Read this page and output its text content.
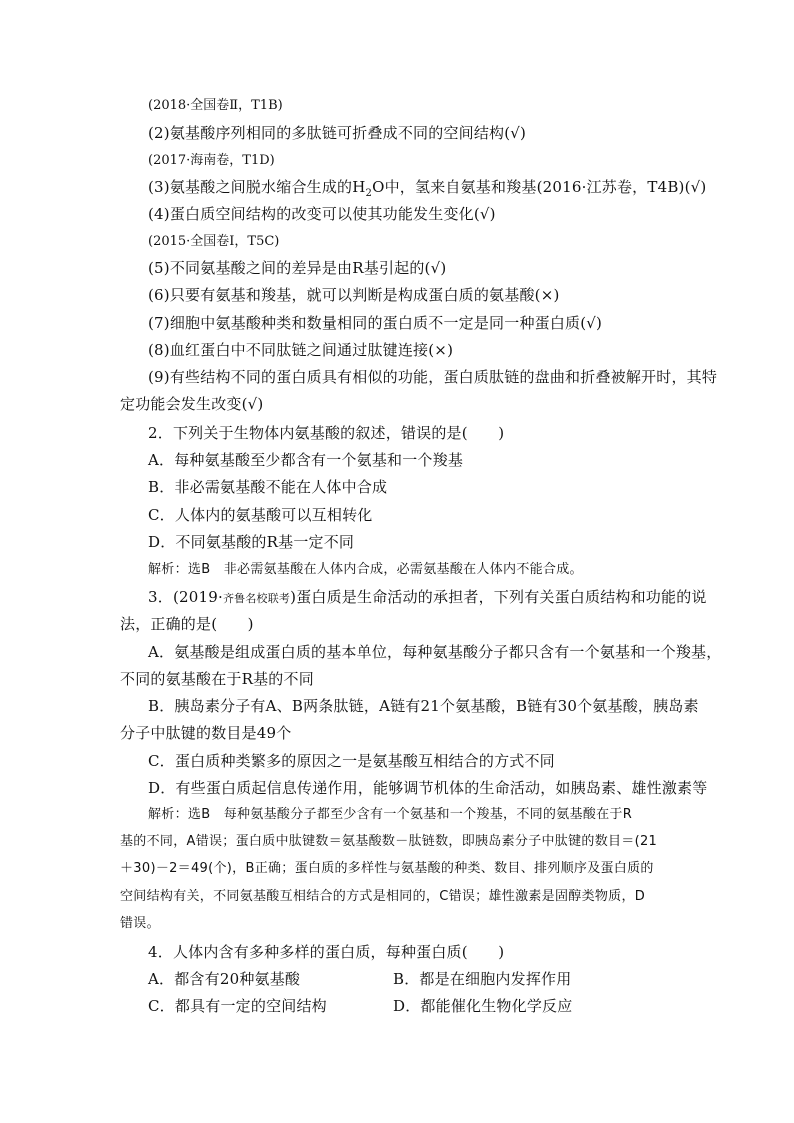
(2018·全国卷Ⅱ，T1B)
(2)氨基酸序列相同的多肽链可折叠成不同的空间结构(√)
(2017·海南卷，T1D)
(3)氨基酸之间脱水缩合生成的$H_2O$中，氢来自氨基和羧基(2016·江苏卷，T4B)(√)
(4)蛋白质空间结构的改变可以使其功能发生变化(√)
(2015·全国卷Ⅰ，T5C)
(5)不同氨基酸之间的差异是由R基引起的(√)
(6)只要有氨基和羧基，就可以判断是构成蛋白质的氨基酸(×)
(7)细胞中氨基酸种类和数量相同的蛋白质不一定是同一种蛋白质(√)
(8)血红蛋白中不同肽链之间通过肽键连接(×)
(9)有些结构不同的蛋白质具有相似的功能，蛋白质肽链的盘曲和折叠被解开时，其特
定功能会发生改变(√)
2．下列关于生物体内氨基酸的叙述，错误的是(　　)
A．每种氨基酸至少都含有一个氨基和一个羧基
B．非必需氨基酸不能在人体中合成
C．人体内的氨基酸可以互相转化
D．不同氨基酸的R基一定不同
解析：选B　非必需氨基酸在人体内合成，必需氨基酸在人体内不能合成。
3．(2019·齐鲁名校联考)蛋白质是生命活动的承担者，下列有关蛋白质结构和功能的说
法，正确的是(　　)
A．氨基酸是组成蛋白质的基本单位，每种氨基酸分子都只含有一个氨基和一个羧基，
不同的氨基酸在于R基的不同
B．胰岛素分子有A、B两条肽链，A链有21个氨基酸，B链有30个氨基酸，胰岛素
分子中肽键的数目是49个
C．蛋白质种类繁多的原因之一是氨基酸互相结合的方式不同
D．有些蛋白质起信息传递作用，能够调节机体的生命活动，如胰岛素、雄性激素等
解析：选B　每种氨基酸分子都至少含有一个氨基和一个羧基，不同的氨基酸在于R
基的不同，A错误；蛋白质中肽键数＝氨基酸数－肽链数，即胰岛素分子中肽键的数目＝(21
＋30)－2＝49(个)，B正确；蛋白质的多样性与氨基酸的种类、数目、排列顺序及蛋白质的
空间结构有关，不同氨基酸互相结合的方式是相同的，C错误；雄性激素是固醇类物质，D
错误。
4．人体内含有多种多样的蛋白质，每种蛋白质(　　)
A．都含有20种氨基酸	B．都是在细胞内发挥作用
C．都具有一定的空间结构	D．都能催化生物化学反应
